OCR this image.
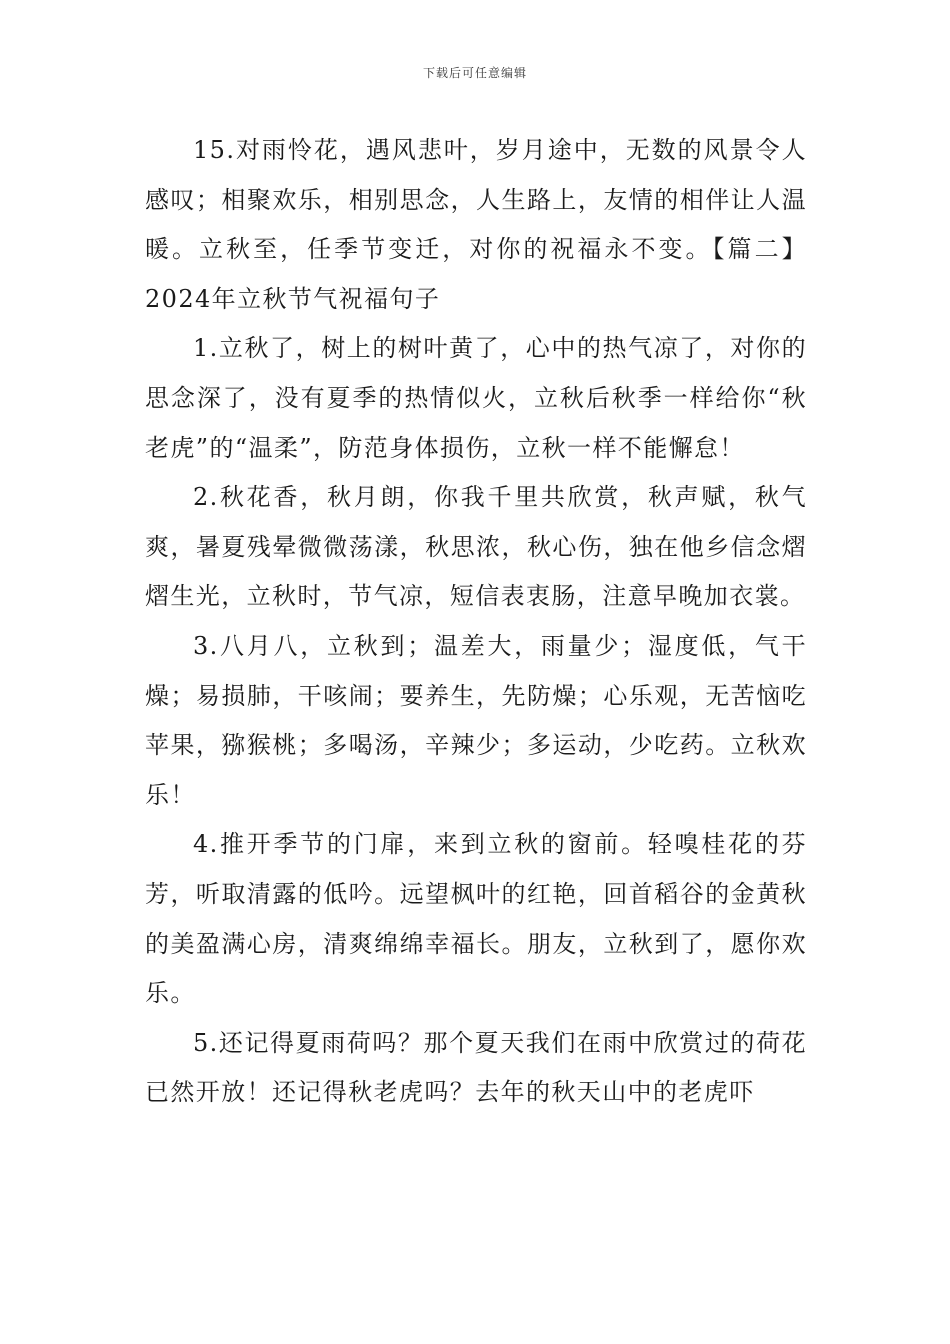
下载后可任意编辑

15.对雨怜花，遇风悲叶，岁月途中，无数的风景令人感叹；相聚欢乐，相别思念，人生路上，友情的相伴让人温暖。立秋至，任季节变迁，对你的祝福永不变。【篇二】2024年立秋节气祝福句子

1.立秋了，树上的树叶黄了，心中的热气凉了，对你的思念深了，没有夏季的热情似火，立秋后秋季一样给你“秋老虎”的“温柔”，防范身体损伤，立秋一样不能懈怠！

2.秋花香，秋月朗，你我千里共欣赏，秋声赋，秋气爽，暑夏残晕微微荡漾，秋思浓，秋心伤，独在他乡信念熠熠生光，立秋时，节气凉，短信表衷肠，注意早晚加衣裳。

3.八月八，立秋到；温差大，雨量少；湿度低，气干燥；易损肺，干咳闹；要养生，先防燥；心乐观，无苦恼吃苹果，猕猴桃；多喝汤，辛辣少；多运动，少吃药。立秋欢乐！

4.推开季节的门扉，来到立秋的窗前。轻嗅桂花的芬芳，听取清露的低吟。远望枫叶的红艳，回首稻谷的金黄秋的美盈满心房，清爽绵绵幸福长。朋友，立秋到了，愿你欢乐。

5.还记得夏雨荷吗？那个夏天我们在雨中欣赏过的荷花已然开放！还记得秋老虎吗？去年的秋天山中的老虎吓
